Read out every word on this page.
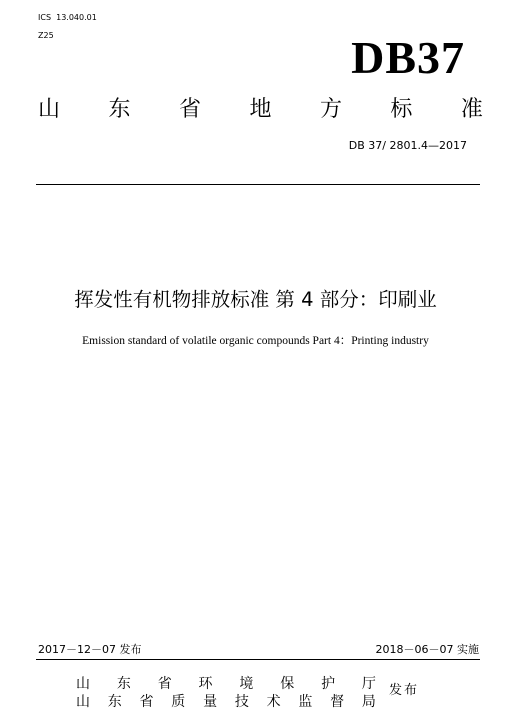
ICS  13.040.01
Z25	DB37
山 东 省 地 方 标 准
DB 37/ 2801.4—2017
挥发性有机物排放标准 第 4 部分：印刷业
Emission standard of volatile organic compounds Part 4：Printing industry
2017－12－07 发布	2018－06－07 实施
山 东 省 环 境 保 护 厅
山 东 省 质 量 技 术 监 督 局
发布
